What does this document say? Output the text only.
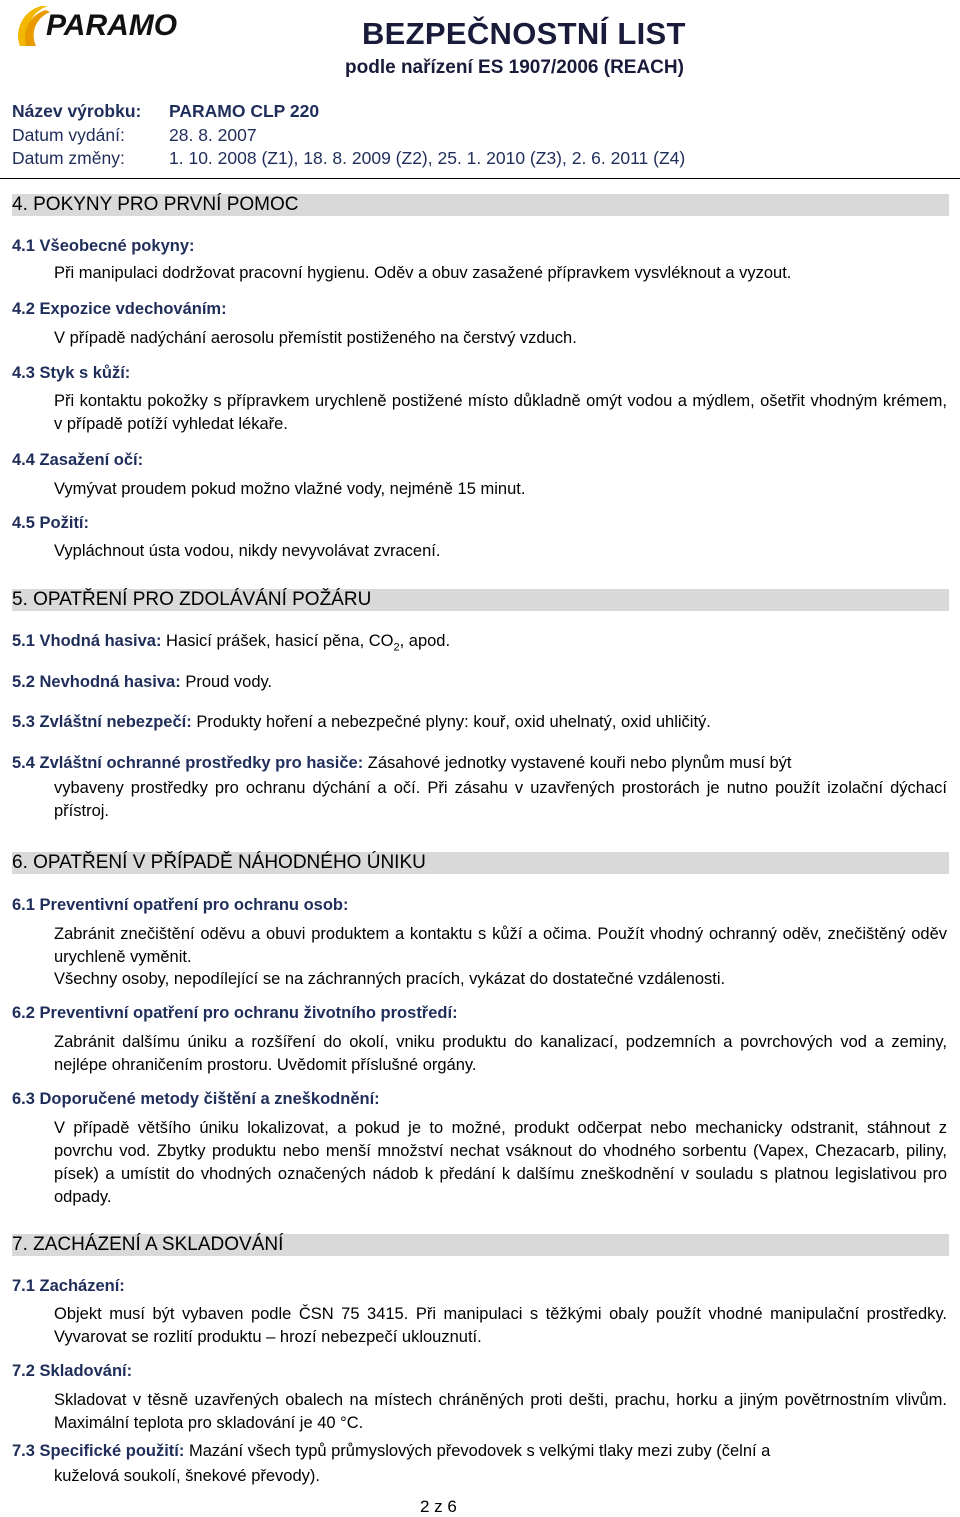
PARAMO	BEZPEČNOSTNÍ LIST
podle nařízení ES 1907/2006 (REACH)
Název výrobku: PARAMO CLP 220
Datum vydání:	28. 8. 2007
Datum změny:	1. 10. 2008 (Z1), 18. 8. 2009 (Z2), 25. 1. 2010 (Z3), 2. 6. 2011 (Z4)
4. POKYNY PRO PRVNÍ POMOC
4.1 Všeobecné pokyny:
Při manipulaci dodržovat pracovní hygienu. Oděv a obuv zasažené přípravkem vysvléknout a vyzout.
4.2 Expozice vdechováním:
V případě nadýchání aerosolu přemístit postiženého na čerstvý vzduch.
4.3 Styk s kůží:
Při kontaktu pokožky s přípravkem urychleně postižené místo důkladně omýt vodou a mýdlem, ošetřit vhodným krémem, v případě potíží vyhledat lékaře.
4.4 Zasažení očí:
Vymývat proudem pokud možno vlažné vody, nejméně 15 minut.
4.5 Požití:
Vypláchnout ústa vodou, nikdy nevyvolávat zvracení.
5. OPATŘENÍ PRO ZDOLÁVÁNÍ POŽÁRU
5.1 Vhodná hasiva: Hasicí prášek, hasicí pěna, $CO_2$, apod.
5.2 Nevhodná hasiva: Proud vody.
5.3 Zvláštní nebezpečí: Produkty hoření a nebezpečné plyny: kouř, oxid uhelnatý, oxid uhličitý.
5.4 Zvláštní ochranné prostředky pro hasiče: Zásahové jednotky vystavené kouři nebo plynům musí být
vybaveny prostředky pro ochranu dýchání a očí. Při zásahu v uzavřených prostorách je nutno použít izolační dýchací přístroj.
6. OPATŘENÍ V PŘÍPADĚ NÁHODNÉHO ÚNIKU
6.1 Preventivní opatření pro ochranu osob:
Zabránit znečištění oděvu a obuvi produktem a kontaktu s kůží a očima. Použít vhodný ochranný oděv, znečištěný oděv urychleně vyměnit.
Všechny osoby, nepodílející se na záchranných pracích, vykázat do dostatečné vzdálenosti.
6.2 Preventivní opatření pro ochranu životního prostředí:
Zabránit dalšímu úniku a rozšíření do okolí, vniku produktu do kanalizací, podzemních a povrchových vod a zeminy, nejlépe ohraničením prostoru. Uvědomit příslušné orgány.
6.3 Doporučené metody čištění a zneškodnění:
V případě většího úniku lokalizovat, a pokud je to možné, produkt odčerpat nebo mechanicky odstranit, stáhnout z povrchu vod. Zbytky produktu nebo menší množství nechat vsáknout do vhodného sorbentu (Vapex, Chezacarb, piliny, písek) a umístit do vhodných označených nádob k předání k dalšímu zneškodnění v souladu s platnou legislativou pro odpady.
7. ZACHÁZENÍ A SKLADOVÁNÍ
7.1 Zacházení:
Objekt musí být vybaven podle ČSN 75 3415. Při manipulaci s těžkými obaly použít vhodné manipulační prostředky. Vyvarovat se rozlití produktu – hrozí nebezpečí uklouznutí.
7.2 Skladování:
Skladovat v těsně uzavřených obalech na místech chráněných proti dešti, prachu, horku a jiným povětrnostním vlivům. Maximální teplota pro skladování je 40 °C.
7.3 Specifické použití: Mazání všech typů průmyslových převodovek s velkými tlaky mezi zuby (čelní a
kuželová soukolí, šnekové převody).
2 z 6
